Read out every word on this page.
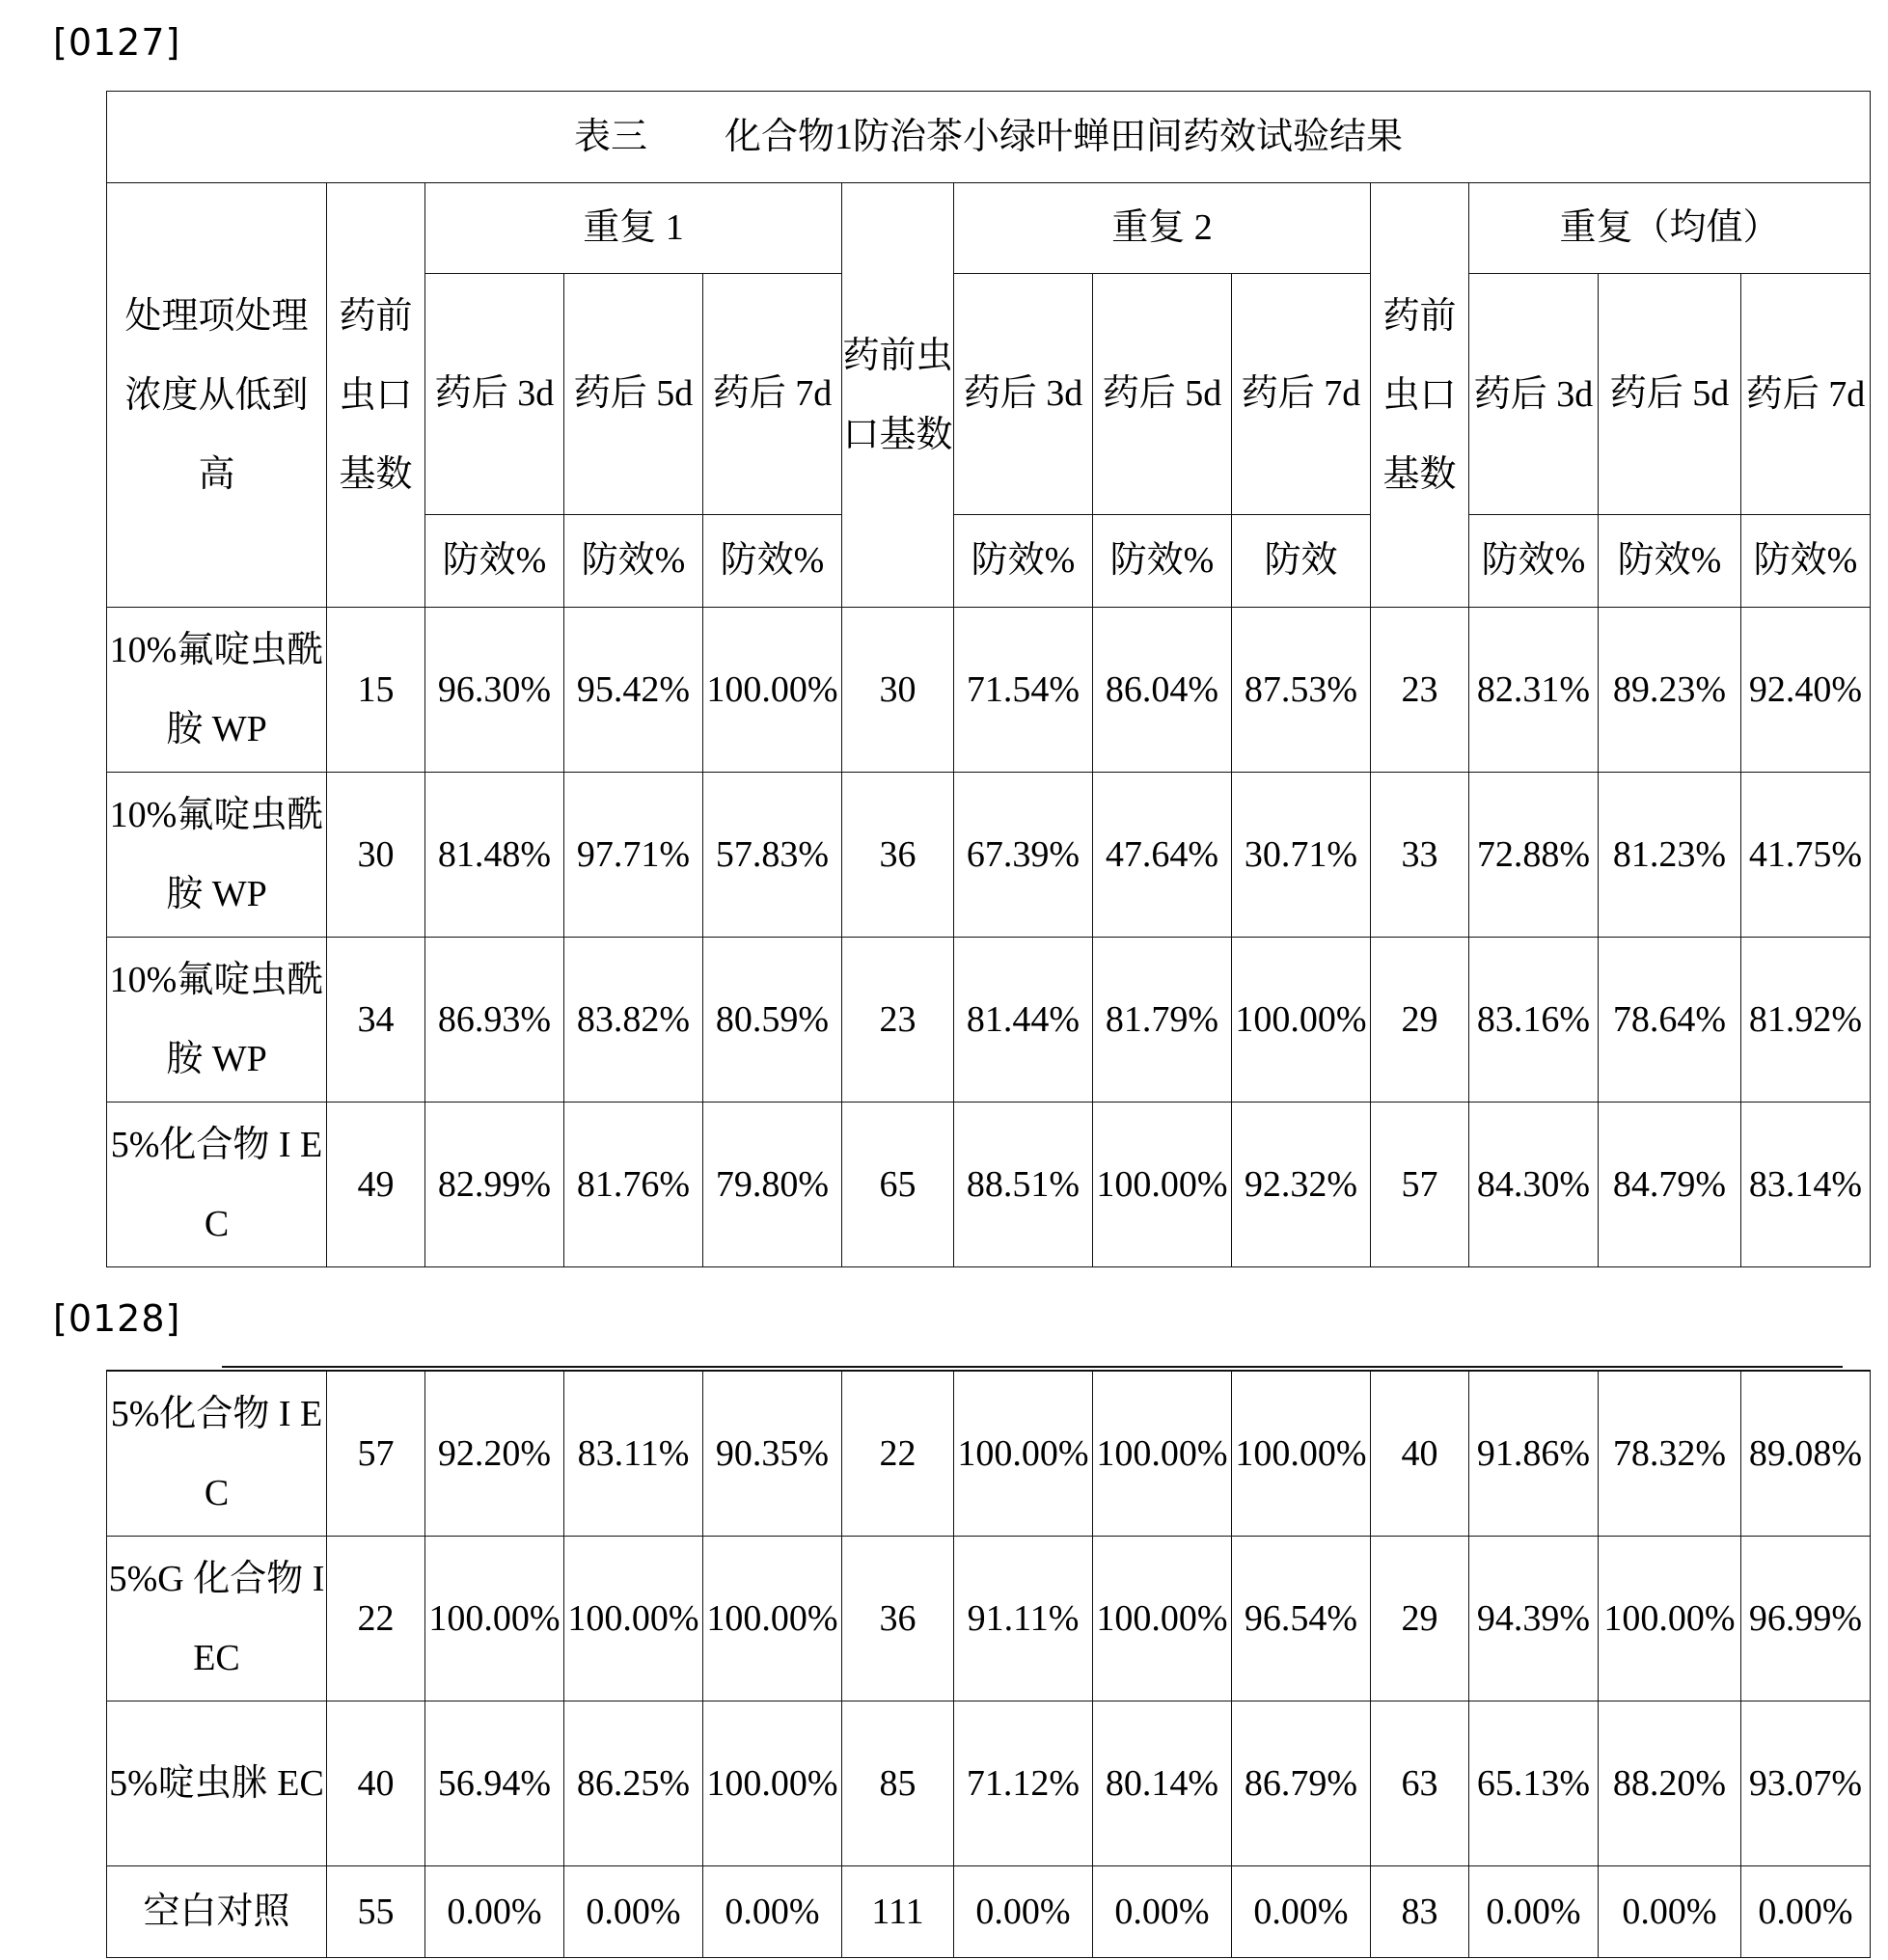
[0127]
表三 化合物1防治茶小绿叶蝉田间药效试验结果
处理项处理浓度从低到高	药前虫口基数	重复 1	药前虫口基数	重复 2	药前虫口基数	重复（均值）
药后 3d	药后 5d	药后 7d	药后 3d	药后 5d	药后 7d	药后 3d	药后 5d	药后 7d
防效%	防效%	防效%	防效%	防效%	防效	防效%	防效%	防效%
10%氟啶虫酰胺 WP	15	96.30%	95.42%	100.00%	30	71.54%	86.04%	87.53%	23	82.31%	89.23%	92.40%
10%氟啶虫酰胺 WP	30	81.48%	97.71%	57.83%	36	67.39%	47.64%	30.71%	33	72.88%	81.23%	41.75%
10%氟啶虫酰胺 WP	34	86.93%	83.82%	80.59%	23	81.44%	81.79%	100.00%	29	83.16%	78.64%	81.92%
5%化合物 I EC	49	82.99%	81.76%	79.80%	65	88.51%	100.00%	92.32%	57	84.30%	84.79%	83.14%
[0128]
5%化合物 I EC	57	92.20%	83.11%	90.35%	22	100.00%	100.00%	100.00%	40	91.86%	78.32%	89.08%
5%G 化合物 I EC	22	100.00%	100.00%	100.00%	36	91.11%	100.00%	96.54%	29	94.39%	100.00%	96.99%
5%啶虫脒 EC	40	56.94%	86.25%	100.00%	85	71.12%	80.14%	86.79%	63	65.13%	88.20%	93.07%
空白对照	55	0.00%	0.00%	0.00%	111	0.00%	0.00%	0.00%	83	0.00%	0.00%	0.00%
